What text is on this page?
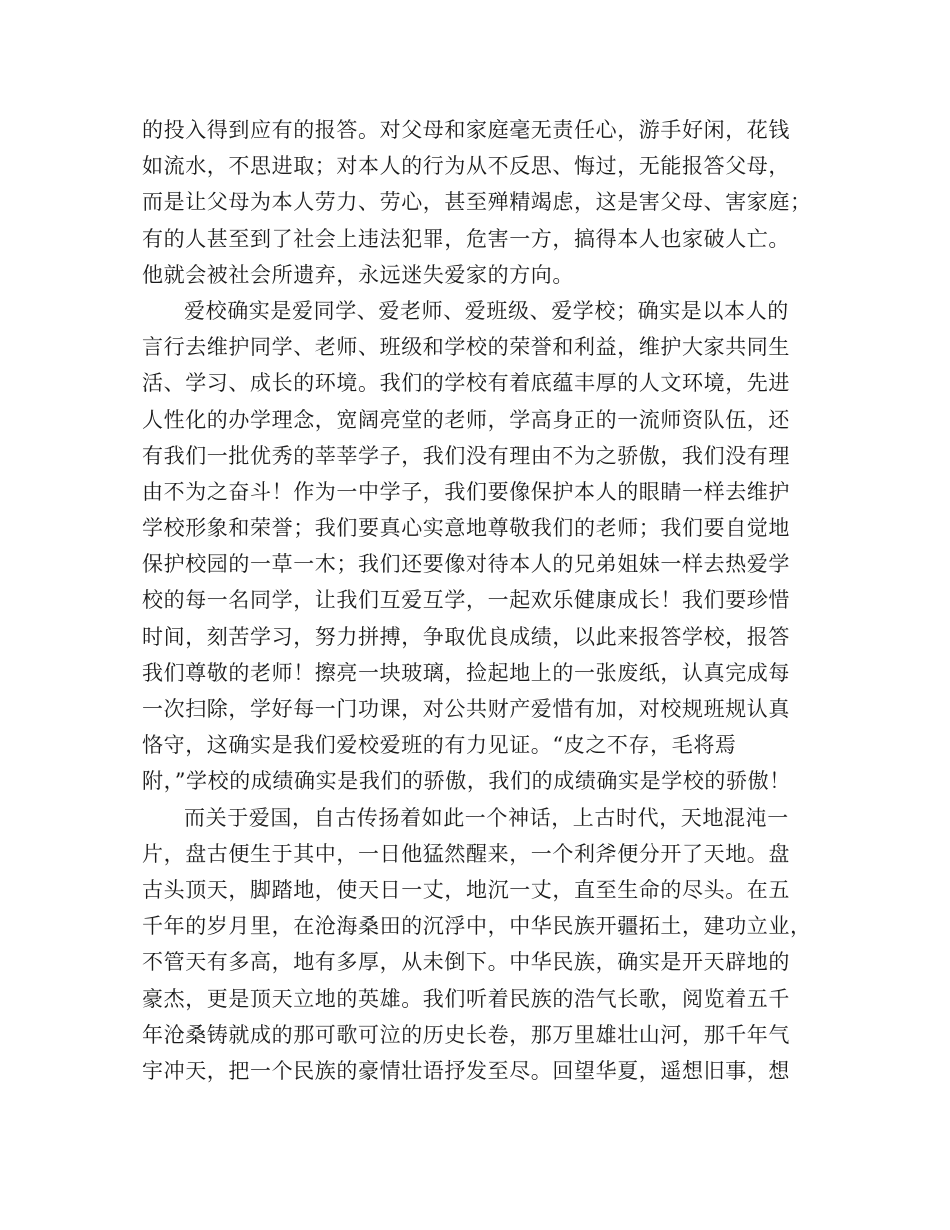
的投入得到应有的报答。对父母和家庭毫无责任心，游手好闲，花钱
如流水，不思进取；对本人的行为从不反思、悔过，无能报答父母，
而是让父母为本人劳力、劳心，甚至殚精竭虑，这是害父母、害家庭；
有的人甚至到了社会上违法犯罪，危害一方，搞得本人也家破人亡。
他就会被社会所遗弃，永远迷失爱家的方向。
爱校确实是爱同学、爱老师、爱班级、爱学校；确实是以本人的
言行去维护同学、老师、班级和学校的荣誉和利益，维护大家共同生
活、学习、成长的环境。我们的学校有着底蕴丰厚的人文环境，先进
人性化的办学理念，宽阔亮堂的老师，学高身正的一流师资队伍，还
有我们一批优秀的莘莘学子，我们没有理由不为之骄傲，我们没有理
由不为之奋斗！作为一中学子，我们要像保护本人的眼睛一样去维护
学校形象和荣誉；我们要真心实意地尊敬我们的老师；我们要自觉地
保护校园的一草一木；我们还要像对待本人的兄弟姐妹一样去热爱学
校的每一名同学，让我们互爱互学，一起欢乐健康成长！我们要珍惜
时间，刻苦学习，努力拼搏，争取优良成绩，以此来报答学校，报答
我们尊敬的老师！擦亮一块玻璃，捡起地上的一张废纸，认真完成每
一次扫除，学好每一门功课，对公共财产爱惜有加，对校规班规认真
恪守，这确实是我们爱校爱班的有力见证。“皮之不存，毛将焉
附，”学校的成绩确实是我们的骄傲，我们的成绩确实是学校的骄傲！
而关于爱国，自古传扬着如此一个神话，上古时代，天地混沌一
片，盘古便生于其中，一日他猛然醒来，一个利斧便分开了天地。盘
古头顶天，脚踏地，使天日一丈，地沉一丈，直至生命的尽头。在五
千年的岁月里，在沧海桑田的沉浮中，中华民族开疆拓土，建功立业，
不管天有多高，地有多厚，从未倒下。中华民族，确实是开天辟地的
豪杰，更是顶天立地的英雄。我们听着民族的浩气长歌，阅览着五千
年沧桑铸就成的那可歌可泣的历史长卷，那万里雄壮山河，那千年气
宇冲天，把一个民族的豪情壮语抒发至尽。回望华夏，遥想旧事，想
